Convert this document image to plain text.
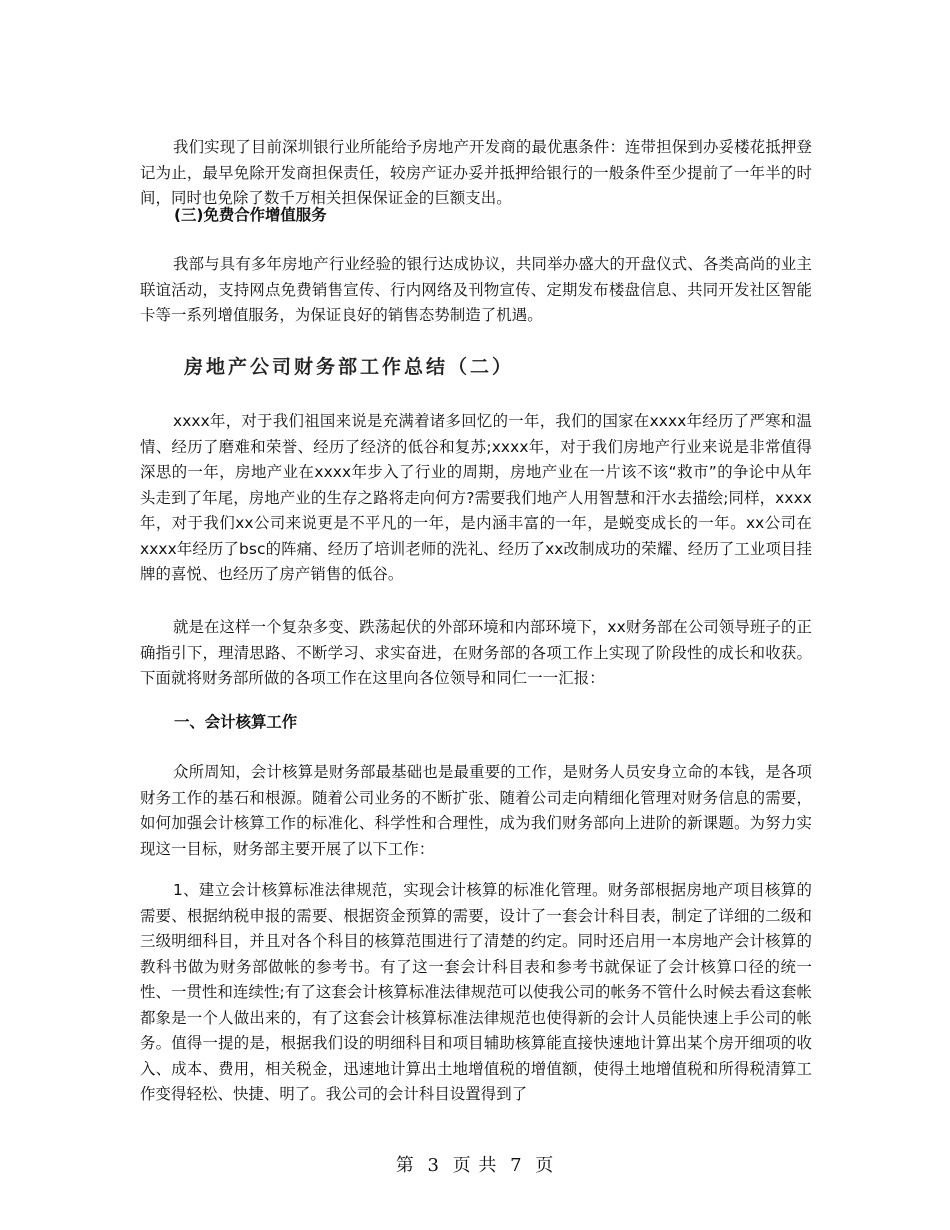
我们实现了目前深圳银行业所能给予房地产开发商的最优惠条件：连带担保到办妥楼花抵押登记为止，最早免除开发商担保责任，较房产证办妥并抵押给银行的一般条件至少提前了一年半的时间，同时也免除了数千万相关担保保证金的巨额支出。

(三)免费合作增值服务

我部与具有多年房地产行业经验的银行达成协议，共同举办盛大的开盘仪式、各类高尚的业主联谊活动，支持网点免费销售宣传、行内网络及刊物宣传、定期发布楼盘信息、共同开发社区智能卡等一系列增值服务，为保证良好的销售态势制造了机遇。

房地产公司财务部工作总结（二）

xxxx年，对于我们祖国来说是充满着诸多回忆的一年，我们的国家在xxxx年经历了严寒和温情、经历了磨难和荣誉、经历了经济的低谷和复苏;xxxx年，对于我们房地产行业来说是非常值得深思的一年，房地产业在xxxx年步入了行业的周期，房地产业在一片该不该“救市”的争论中从年头走到了年尾，房地产业的生存之路将走向何方?需要我们地产人用智慧和汗水去描绘;同样，xxxx年，对于我们xx公司来说更是不平凡的一年，是内涵丰富的一年，是蜕变成长的一年。xx公司在xxxx年经历了bsc的阵痛、经历了培训老师的洗礼、经历了xx改制成功的荣耀、经历了工业项目挂牌的喜悦、也经历了房产销售的低谷。

就是在这样一个复杂多变、跌荡起伏的外部环境和内部环境下，xx财务部在公司领导班子的正确指引下，理清思路、不断学习、求实奋进，在财务部的各项工作上实现了阶段性的成长和收获。下面就将财务部所做的各项工作在这里向各位领导和同仁一一汇报：

一、会计核算工作

众所周知，会计核算是财务部最基础也是最重要的工作，是财务人员安身立命的本钱，是各项财务工作的基石和根源。随着公司业务的不断扩张、随着公司走向精细化管理对财务信息的需要，如何加强会计核算工作的标准化、科学性和合理性，成为我们财务部向上进阶的新课题。为努力实现这一目标，财务部主要开展了以下工作：

1、建立会计核算标准法律规范，实现会计核算的标准化管理。财务部根据房地产项目核算的需要、根据纳税申报的需要、根据资金预算的需要，设计了一套会计科目表，制定了详细的二级和三级明细科目，并且对各个科目的核算范围进行了清楚的约定。同时还启用一本房地产会计核算的教科书做为财务部做帐的参考书。有了这一套会计科目表和参考书就保证了会计核算口径的统一性、一贯性和连续性;有了这套会计核算标准法律规范可以使我公司的帐务不管什么时候去看这套帐都象是一个人做出来的，有了这套会计核算标准法律规范也使得新的会计人员能快速上手公司的帐务。值得一提的是，根据我们设的明细科目和项目辅助核算能直接快速地计算出某个房开细项的收入、成本、费用，相关税金，迅速地计算出土地增值税的增值额，使得土地增值税和所得税清算工作变得轻松、快捷、明了。我公司的会计科目设置得到了

第 3 页 共 7 页
